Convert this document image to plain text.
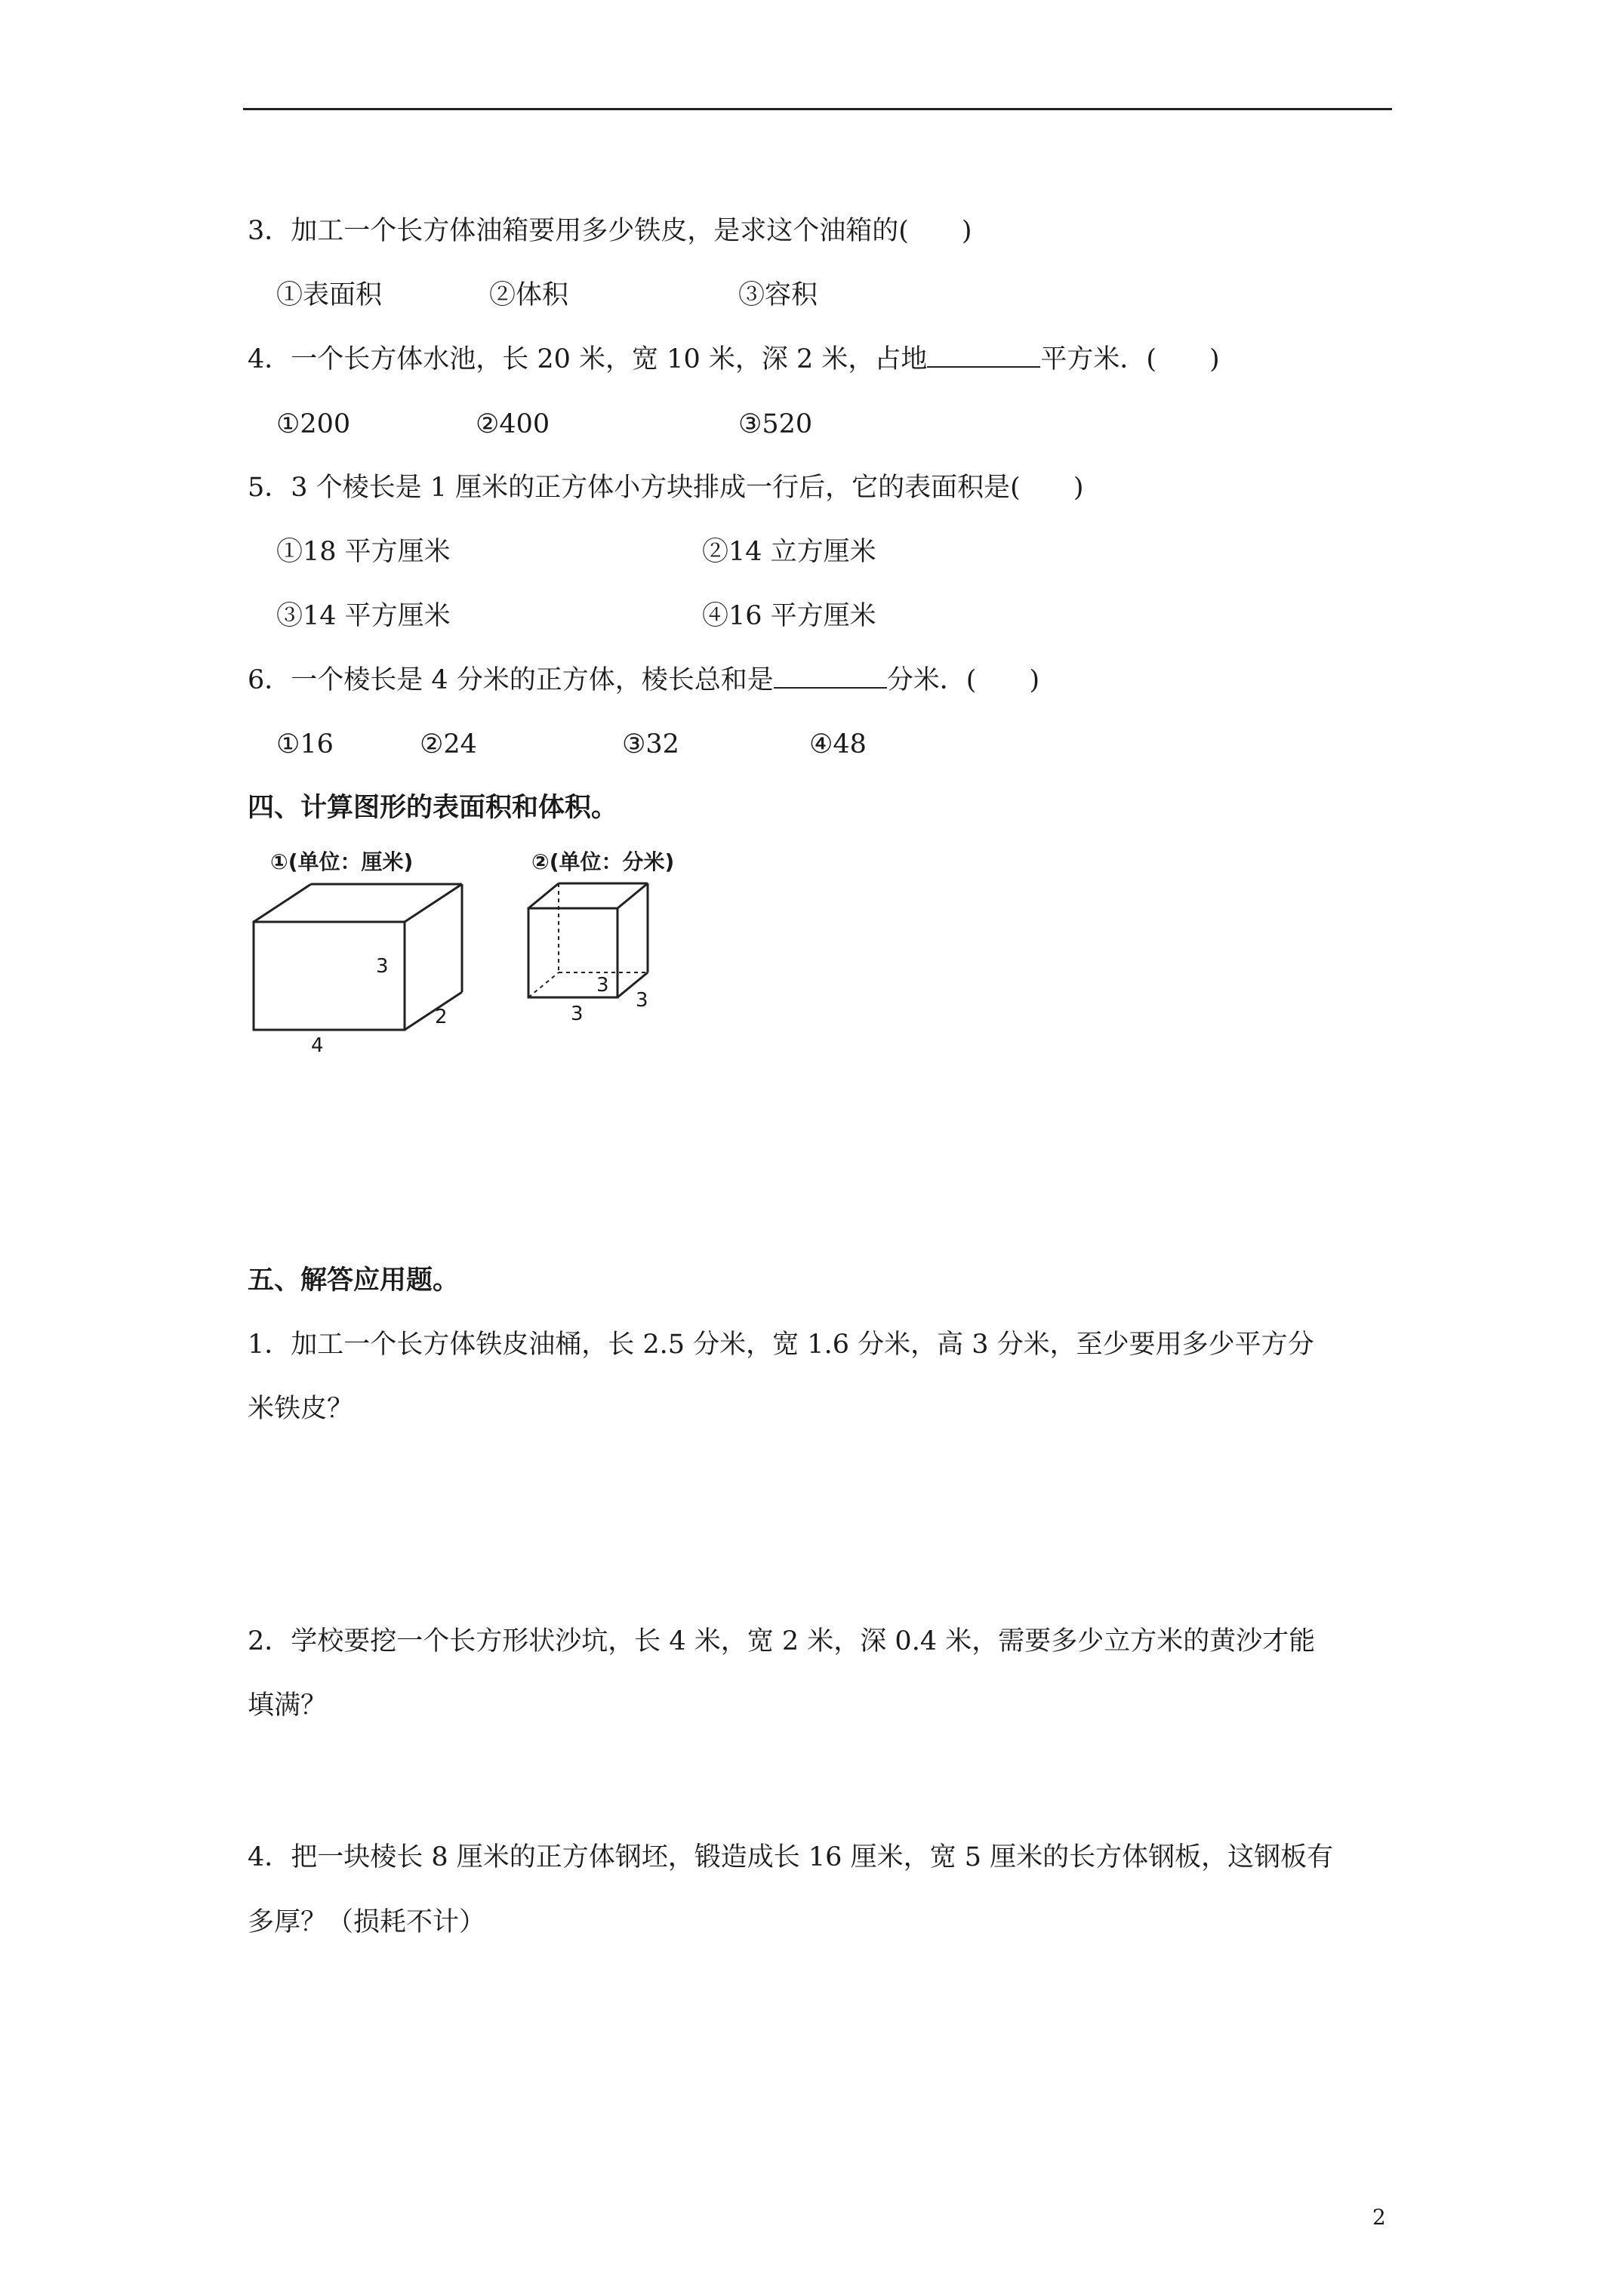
3．加工一个长方体油箱要用多少铁皮，是求这个油箱的(　　)
①表面积	②体积	③容积
4．一个长方体水池，长 20 米，宽 10 米，深 2 米，占地	平方米．(　　)
①200	②400	③520
5．3 个棱长是 1 厘米的正方体小方块排成一行后，它的表面积是(　　)
①18 平方厘米	②14 立方厘米
③14 平方厘米	④16 平方厘米
6．一个棱长是 4 分米的正方体，棱长总和是	分米．(　　)
①16	②24	③32	④48
四、计算图形的表面积和体积。
①(单位：厘米)
3
2
4
②(单位：分米)
3
3
3
五、解答应用题。
1．加工一个长方体铁皮油桶，长 2.5 分米，宽 1.6 分米，高 3 分米，至少要用多少平方分
米铁皮？
2．学校要挖一个长方形状沙坑，长 4 米，宽 2 米，深 0.4 米，需要多少立方米的黄沙才能
填满？
4．把一块棱长 8 厘米的正方体钢坯，锻造成长 16 厘米，宽 5 厘米的长方体钢板，这钢板有
多厚？（损耗不计）
2
